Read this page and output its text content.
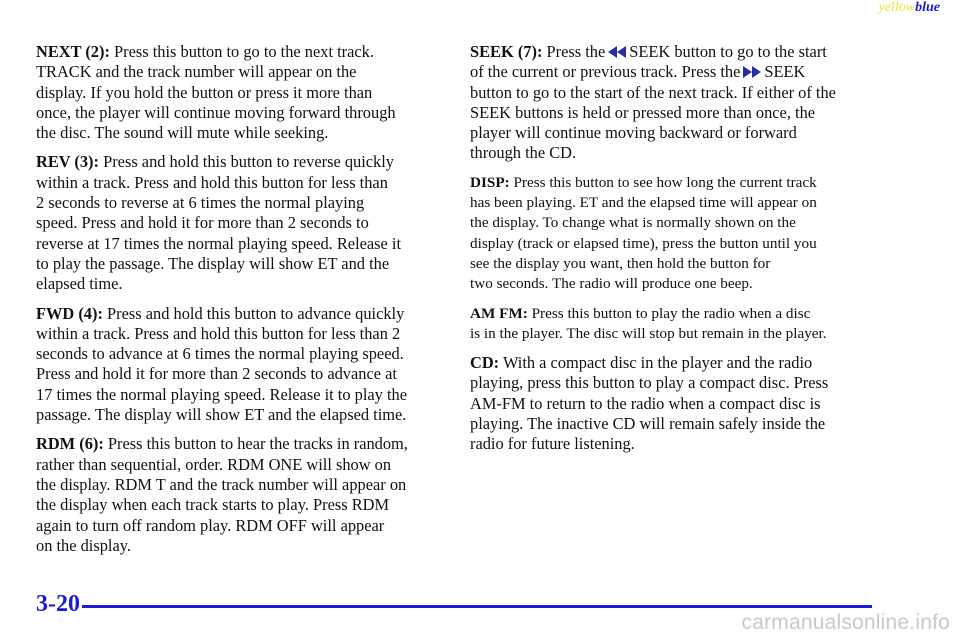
yellowblue

NEXT (2): Press this button to go to the next track.
TRACK and the track number will appear on the
display. If you hold the button or press it more than
once, the player will continue moving forward through
the disc. The sound will mute while seeking.

REV (3): Press and hold this button to reverse quickly
within a track. Press and hold this button for less than
2 seconds to reverse at 6 times the normal playing
speed. Press and hold it for more than 2 seconds to
reverse at 17 times the normal playing speed. Release it
to play the passage. The display will show ET and the
elapsed time.

FWD (4): Press and hold this button to advance quickly
within a track. Press and hold this button for less than 2
seconds to advance at 6 times the normal playing speed.
Press and hold it for more than 2 seconds to advance at
17 times the normal playing speed. Release it to play the
passage. The display will show ET and the elapsed time.

RDM (6): Press this button to hear the tracks in random,
rather than sequential, order. RDM ONE will show on
the display. RDM T and the track number will appear on
the display when each track starts to play. Press RDM
again to turn off random play. RDM OFF will appear
on the display.

SEEK (7): Press the SEEK button to go to the start
of the current or previous track. Press the SEEK
button to go to the start of the next track. If either of the
SEEK buttons is held or pressed more than once, the
player will continue moving backward or forward
through the CD.

DISP: Press this button to see how long the current track
has been playing. ET and the elapsed time will appear on
the display. To change what is normally shown on the
display (track or elapsed time), press the button until you
see the display you want, then hold the button for
two seconds. The radio will produce one beep.

AM FM: Press this button to play the radio when a disc
is in the player. The disc will stop but remain in the player.

CD: With a compact disc in the player and the radio
playing, press this button to play a compact disc. Press
AM-FM to return to the radio when a compact disc is
playing. The inactive CD will remain safely inside the
radio for future listening.

3-20
carmanualsonline.info
